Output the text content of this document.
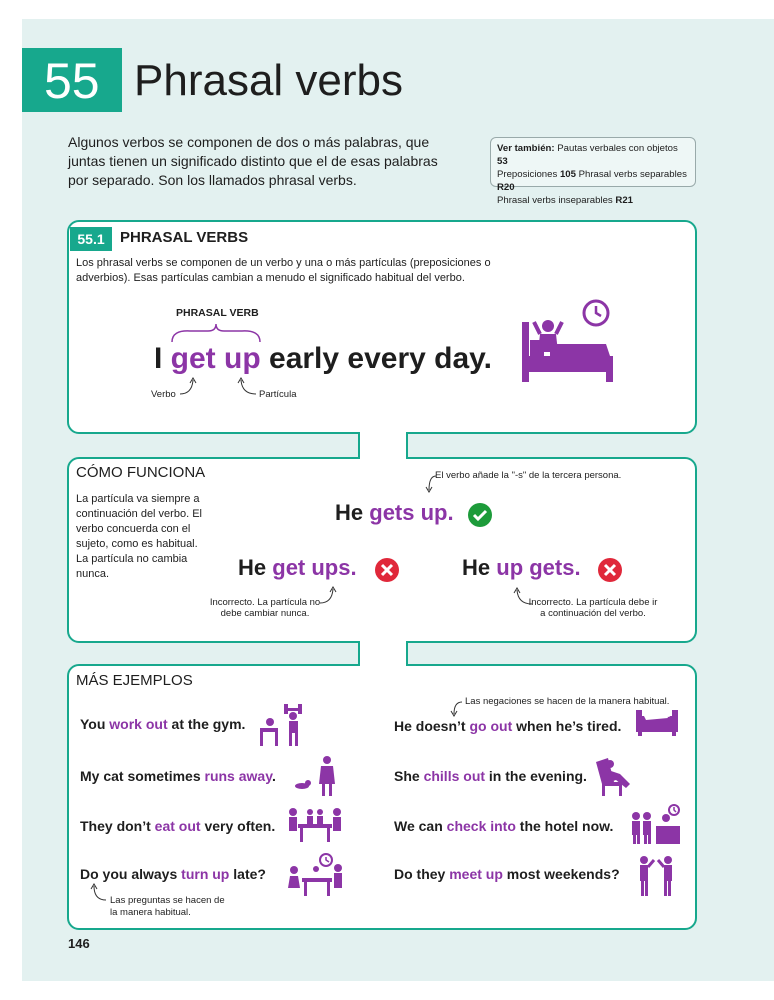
55 Phrasal verbs
Algunos verbos se componen de dos o más palabras, que juntas tienen un significado distinto que el de esas palabras por separado. Son los llamados phrasal verbs.
Ver también: Pautas verbales con objetos 53
Preposiciones 105 Phrasal verbs separables R20
Phrasal verbs inseparables R21
55.1	PHRASAL VERBS
Los phrasal verbs se componen de un verbo y una o más partículas (preposiciones o adverbios). Esas partículas cambian a menudo el significado habitual del verbo.
PHRASAL VERB
I get up early every day.
Verbo	Partícula
CÓMO FUNCIONA
La partícula va siempre a continuación del verbo. El verbo concuerda con el sujeto, como es habitual. La partícula no cambia nunca.
El verbo añade la "-s" de la tercera persona.
He gets up.
He get ups.	He up gets.
Incorrecto. La partícula no debe cambiar nunca.
Incorrecto. La partícula debe ir a continuación del verbo.
MÁS EJEMPLOS
You work out at the gym.
My cat sometimes runs away.
They don’t eat out very often.
Do you always turn up late?
Las negaciones se hacen de la manera habitual.
He doesn’t go out when he’s tired.
She chills out in the evening.
We can check into the hotel now.
Do they meet up most weekends?
Las preguntas se hacen de la manera habitual.
146
